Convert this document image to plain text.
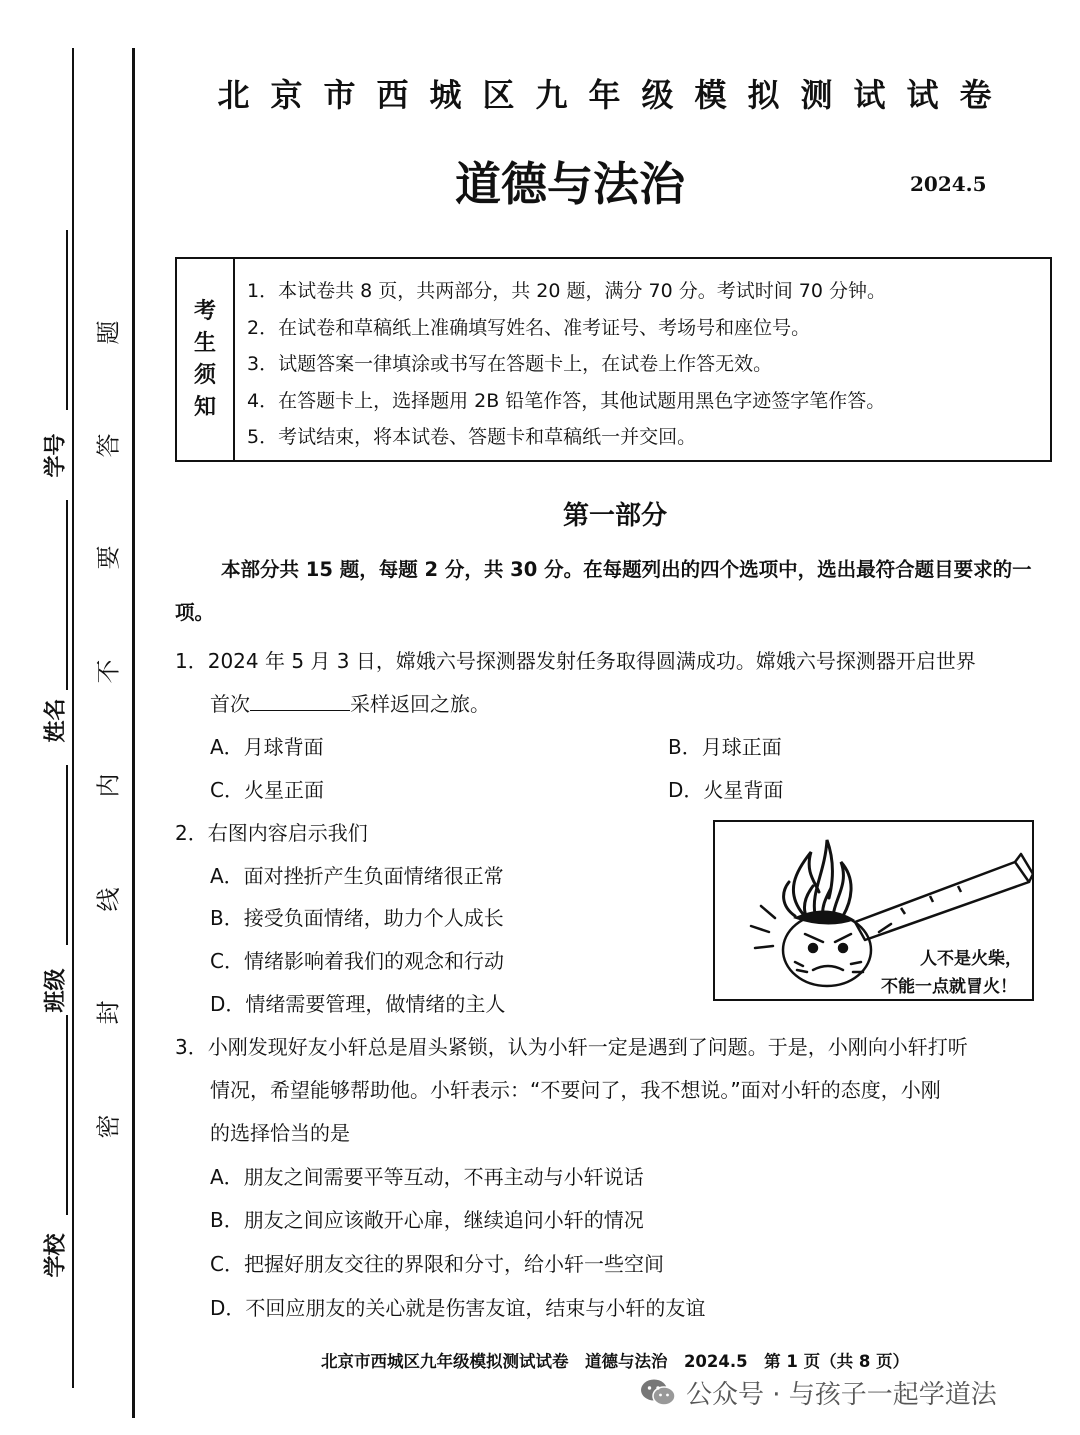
学号
姓名
班级
学校
题
答
要
不
内
线
封
密
北京市西城区九年级模拟测试试卷
道德与法治	2024.5
考
生
须
知
1．本试卷共 8 页，共两部分，共 20 题，满分 70 分。考试时间 70 分钟。
2．在试卷和草稿纸上准确填写姓名、准考证号、考场号和座位号。
3．试题答案一律填涂或书写在答题卡上，在试卷上作答无效。
4．在答题卡上，选择题用 2B 铅笔作答，其他试题用黑色字迹签字笔作答。
5．考试结束，将本试卷、答题卡和草稿纸一并交回。
第一部分
本部分共 15 题，每题 2 分，共 30 分。在每题列出的四个选项中，选出最符合题目要求的一项。
1．2024 年 5 月 3 日，嫦娥六号探测器发射任务取得圆满成功。嫦娥六号探测器开启世界
首次	采样返回之旅。
A．月球背面	B．月球正面
C．火星正面	D．火星背面
2．右图内容启示我们
A．面对挫折产生负面情绪很正常
B．接受负面情绪，助力个人成长
C．情绪影响着我们的观念和行动
D．情绪需要管理，做情绪的主人
人不是火柴，
不能一点就冒火！
3．小刚发现好友小轩总是眉头紧锁，认为小轩一定是遇到了问题。于是，小刚向小轩打听
情况，希望能够帮助他。小轩表示：“不要问了，我不想说。”面对小轩的态度，小刚
的选择恰当的是
A．朋友之间需要平等互动，不再主动与小轩说话
B．朋友之间应该敞开心扉，继续追问小轩的情况
C．把握好朋友交往的界限和分寸，给小轩一些空间
D．不回应朋友的关心就是伤害友谊，结束与小轩的友谊
北京市西城区九年级模拟测试试卷　道德与法治　2024.5　第 1 页（共 8 页）
公众号 · 与孩子一起学道法
